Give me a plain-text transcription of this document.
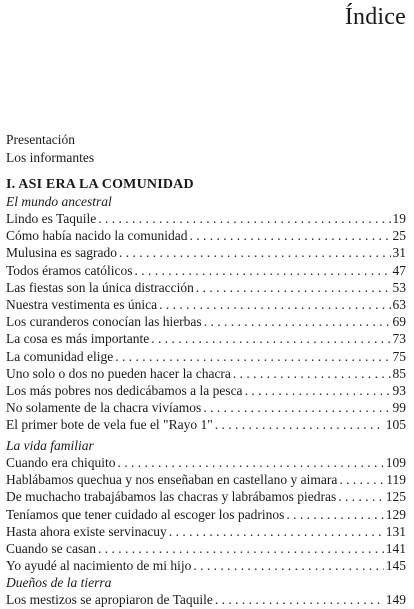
Índice
Presentación
Los informantes
I. ASI ERA LA COMUNIDAD
El mundo ancestral
Lindo es Taquile . . .	19
Cómo había nacido la comunidad . . .	25
Mulusina es sagrado . . .	31
Todos éramos católicos . . .	47
Las fiestas son la única distracción . . .	53
Nuestra vestimenta es única . . .	63
Los curanderos conocían las hierbas . . .	69
La cosa es más importante . . .	73
La comunidad elige . . .	75
Uno solo o dos no pueden hacer la chacra . . .	85
Los más pobres nos dedicábamos a la pesca . . .	93
No solamente de la chacra vivíamos . . .	99
El primer bote de vela fue el "Rayo 1" . . .	105
La vida familiar
Cuando era chiquito . . .	109
Hablábamos quechua y nos enseñaban en castellano y aimara . . .	119
De muchacho trabajábamos las chacras y labrábamos piedras . . .	125
Teníamos que tener cuidado al escoger los padrinos . . .	129
Hasta ahora existe servinacuy . . .	131
Cuando se casan . . .	141
Yo ayudé al nacimiento de mi hijo . . .	145
Dueños de la tierra
Los mestizos se apropiaron de Taquile . . .	149
